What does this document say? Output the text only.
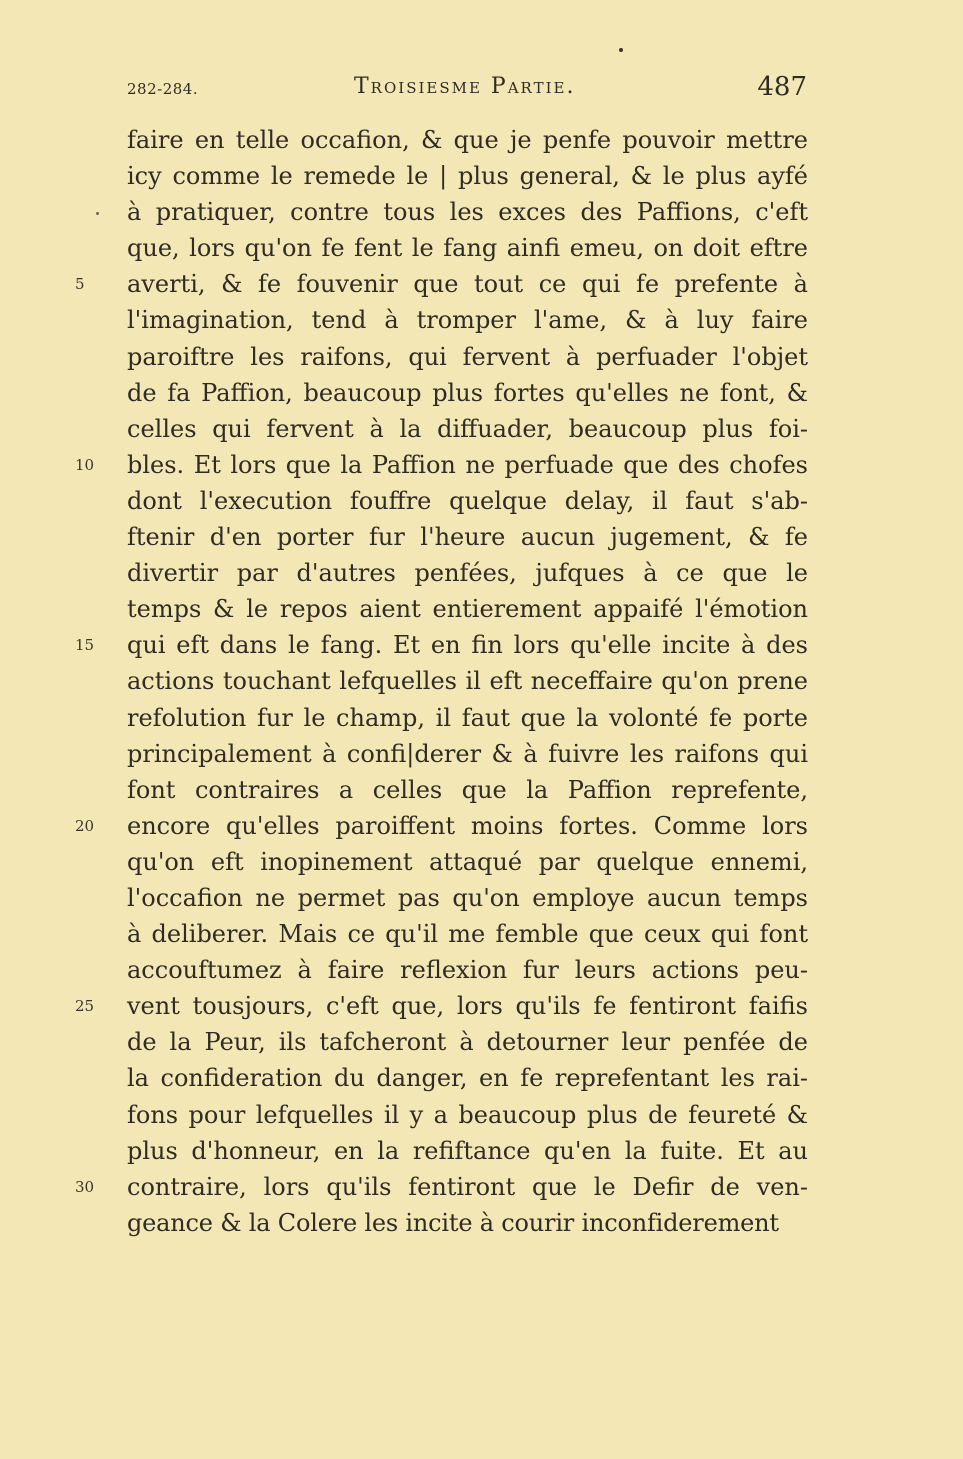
282-284.	Troisiesme Partie.	487
faire en telle occafion, & que je penfe pouvoir mettre
icy comme le remede le | plus general, & le plus ayfé
à pratiquer, contre tous les exces des Paffions, c'eft
que, lors qu'on fe fent le fang ainfi emeu, on doit eftre
5	averti, & fe fouvenir que tout ce qui fe prefente à
l'imagination, tend à tromper l'ame, & à luy faire
paroiftre les raifons, qui fervent à perfuader l'objet
de fa Paffion, beaucoup plus fortes qu'elles ne font, &
celles qui fervent à la diffuader, beaucoup plus foi-
10 bles. Et lors que la Paffion ne perfuade que des chofes
dont l'execution fouffre quelque delay, il faut s'ab-
ftenir d'en porter fur l'heure aucun jugement, & fe
divertir par d'autres penfées, jufques à ce que le
temps & le repos aient entierement appaifé l'émotion
15 qui eft dans le fang. Et en fin lors qu'elle incite à des
actions touchant lefquelles il eft neceffaire qu'on prene
refolution fur le champ, il faut que la volonté fe porte
principalement à confi|derer & à fuivre les raifons qui
font contraires a celles que la Paffion reprefente,
20 encore qu'elles paroiffent moins fortes. Comme lors
qu'on eft inopinement attaqué par quelque ennemi,
l'occafion ne permet pas qu'on employe aucun temps
à deliberer. Mais ce qu'il me femble que ceux qui font
accouftumez à faire reflexion fur leurs actions peu-
25 vent tousjours, c'eft que, lors qu'ils fe fentiront faifis
de la Peur, ils tafcheront à detourner leur penfée de
la confideration du danger, en fe reprefentant les rai-
fons pour lefquelles il y a beaucoup plus de feureté &
plus d'honneur, en la refiftance qu'en la fuite. Et au
30 contraire, lors qu'ils fentiront que le Defir de ven-
geance & la Colere les incite à courir inconfiderement
